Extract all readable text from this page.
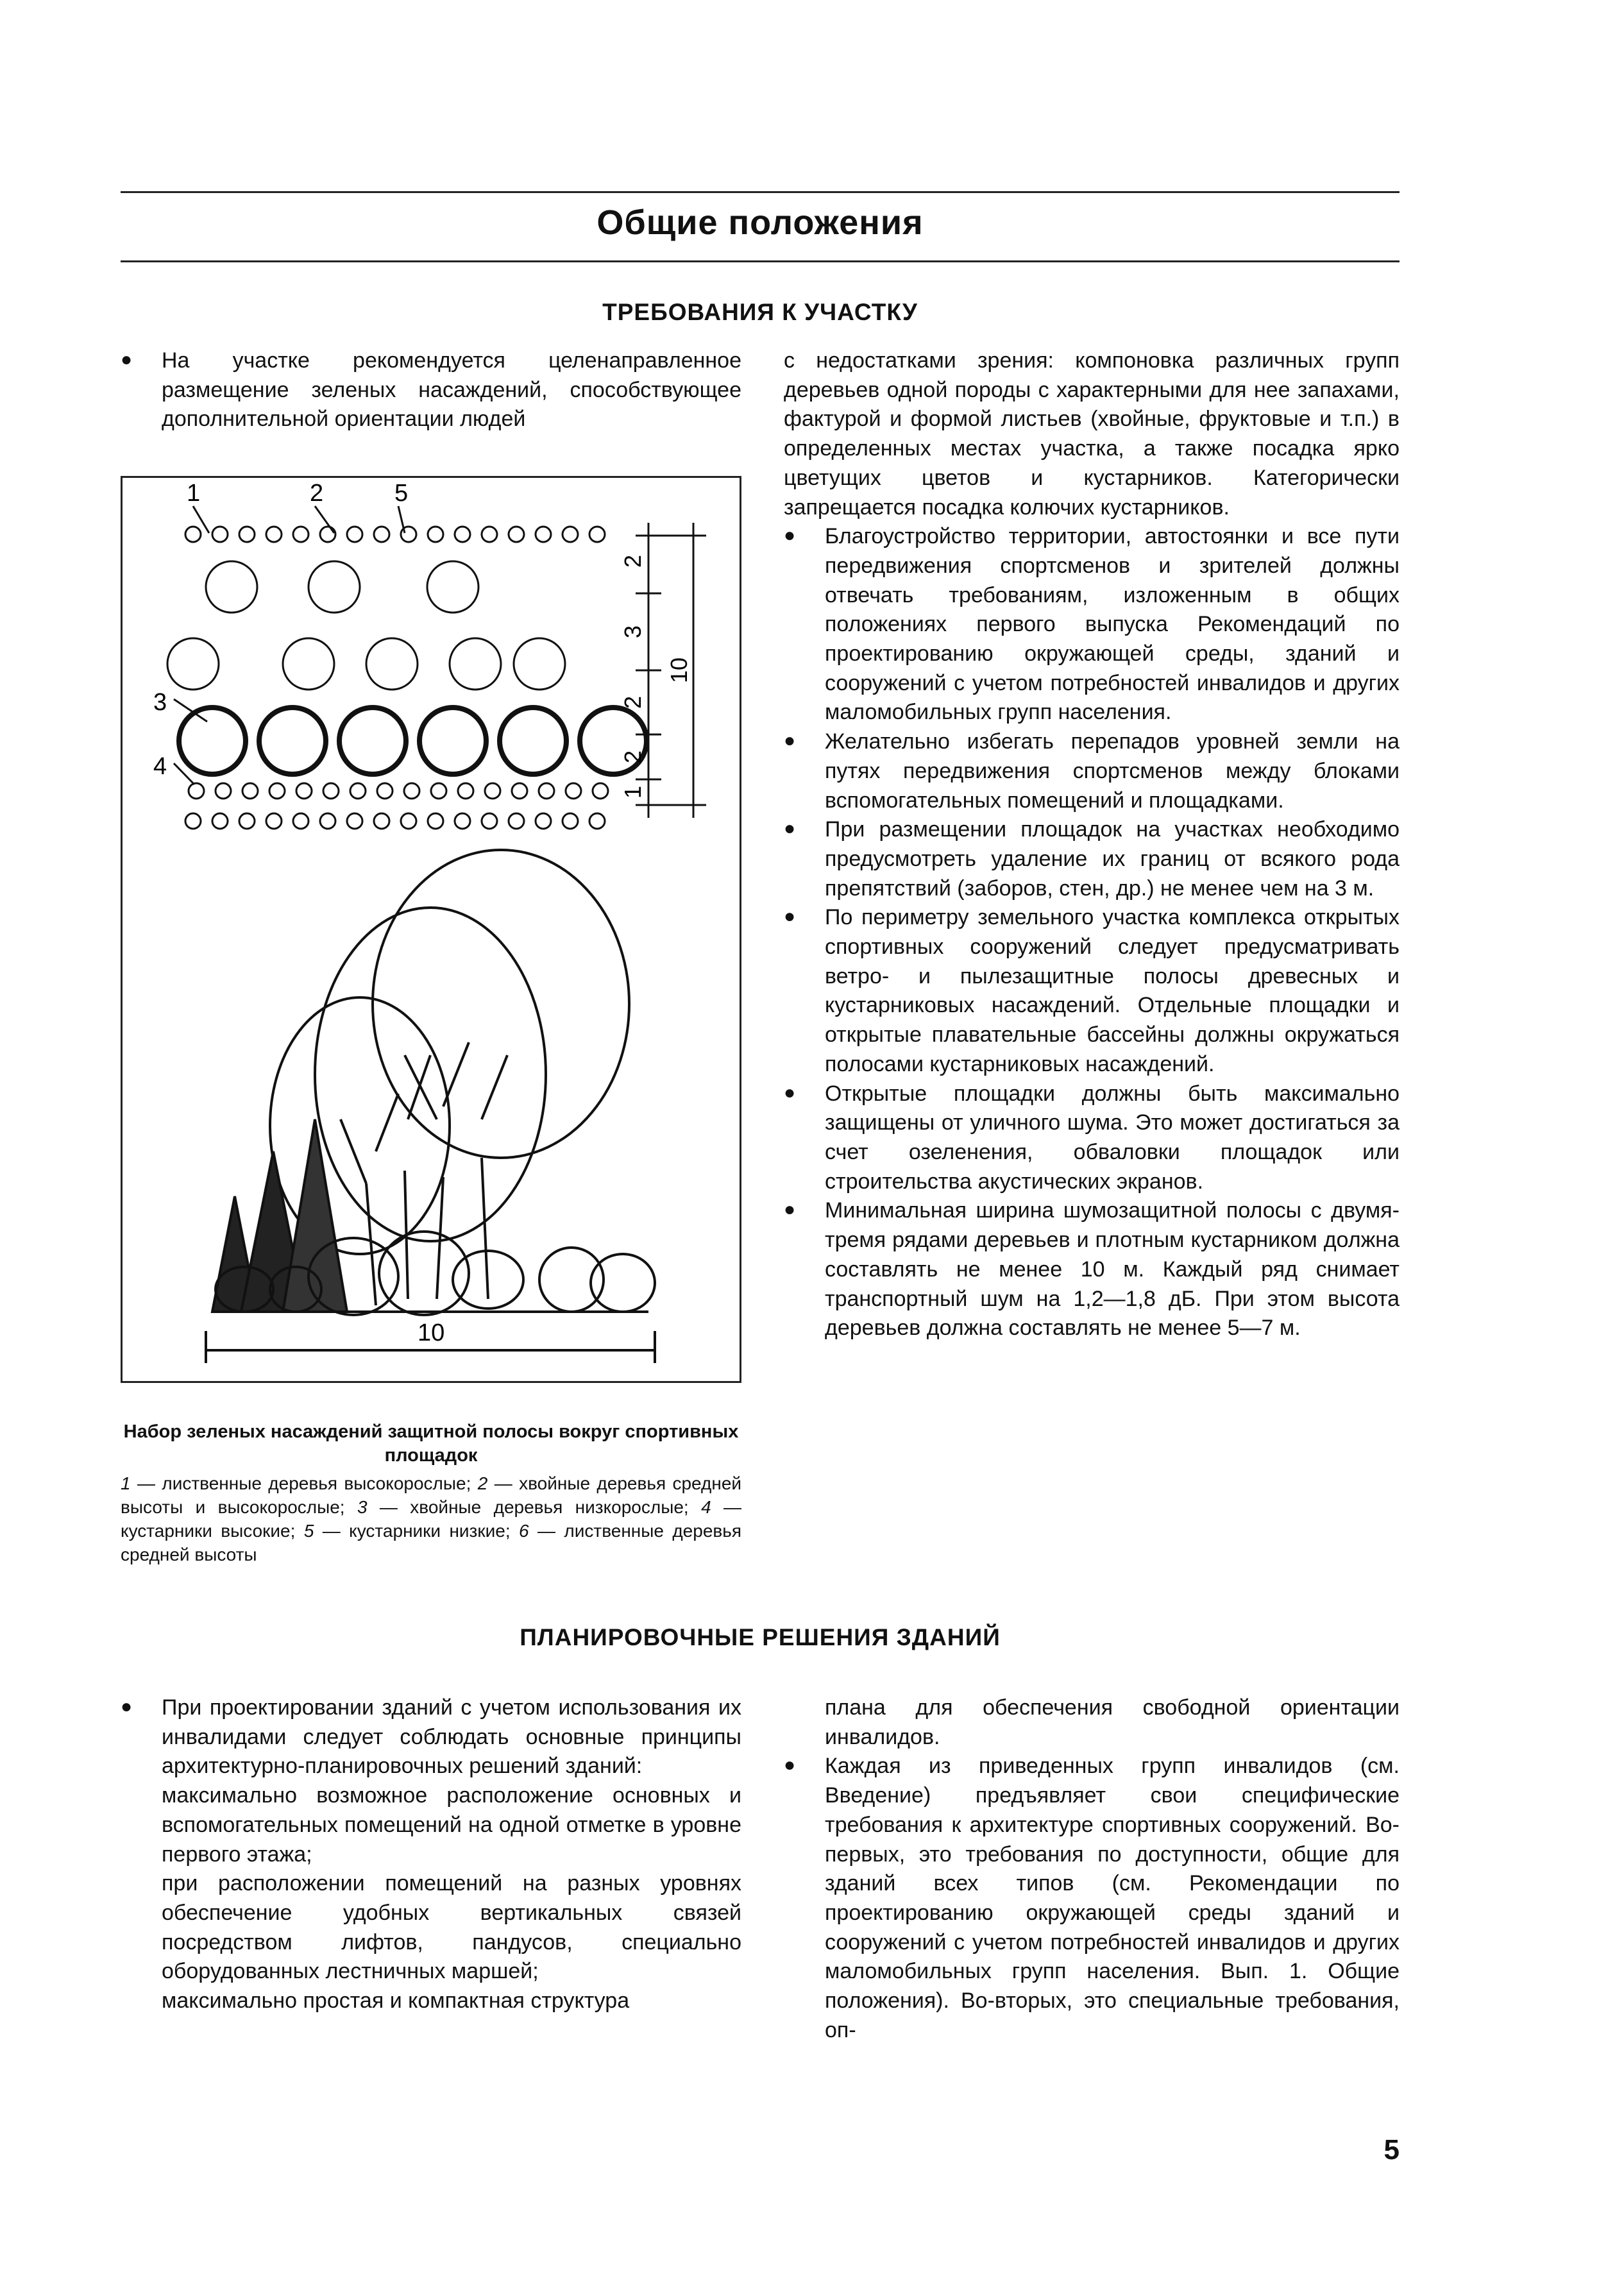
Общие положения
ТРЕБОВАНИЯ К УЧАСТКУ

● На участке рекомендуется целенаправленное размещение зеленых насаждений, способствующее дополнительной ориентации людей

1	2	5
3
4
2
3
10
2
2
1
10
Набор зеленых насаждений защитной полосы вокруг спортивных площадок
1 — лиственные деревья высокорослые; 2 — хвойные деревья средней высоты и высокорослые; 3 — хвойные деревья низкорослые; 4 — кустарники высокие; 5 — кустарники низкие; 6 — лиственные деревья средней высоты

с недостатками зрения: компоновка различных групп деревьев одной породы с характерными для нее запахами, фактурой и формой листьев (хвойные, фруктовые и т.п.) в определенных местах участка, а также посадка ярко цветущих цветов и кустарников. Категорически запрещается посадка колючих кустарников.

● Благоустройство территории, автостоянки и все пути передвижения спортсменов и зрителей должны отвечать требованиям, изложенным в общих положениях первого выпуска Рекомендаций по проектированию окружающей среды, зданий и сооружений с учетом потребностей инвалидов и других маломобильных групп населения.

● Желательно избегать перепадов уровней земли на путях передвижения спортсменов между блоками вспомогательных помещений и площадками.

● При размещении площадок на участках необходимо предусмотреть удаление их границ от всякого рода препятствий (заборов, стен, др.) не менее чем на 3 м.

● По периметру земельного участка комплекса открытых спортивных сооружений следует предусматривать ветро- и пылезащитные полосы древесных и кустарниковых насаждений. Отдельные площадки и открытые плавательные бассейны должны окружаться полосами кустарниковых насаждений.

● Открытые площадки должны быть максимально защищены от уличного шума. Это может достигаться за счет озеленения, обваловки площадок или строительства акустических экранов.

● Минимальная ширина шумозащитной полосы с двумя-тремя рядами деревьев и плотным кустарником должна составлять не менее 10 м. Каждый ряд снимает транспортный шум на 1,2—1,8 дБ. При этом высота деревьев должна составлять не менее 5—7 м.

ПЛАНИРОВОЧНЫЕ РЕШЕНИЯ ЗДАНИЙ

● При проектировании зданий с учетом использования их инвалидами следует соблюдать основные принципы архитектурно-планировочных решений зданий:

максимально возможное расположение основных и вспомогательных помещений на одной отметке в уровне первого этажа;

при расположении помещений на разных уровнях обеспечение удобных вертикальных связей посредством лифтов, пандусов, специально оборудованных лестничных маршей;

максимально простая и компактная структура

плана для обеспечения свободной ориентации инвалидов.

● Каждая из приведенных групп инвалидов (см. Введение) предъявляет свои специфические требования к архитектуре спортивных сооружений. Во-первых, это требования по доступности, общие для зданий всех типов (см. Рекомендации по проектированию окружающей среды зданий и сооружений с учетом потребностей инвалидов и других маломобильных групп населения. Вып. 1. Общие положения). Во-вторых, это специальные требования, оп-

5
